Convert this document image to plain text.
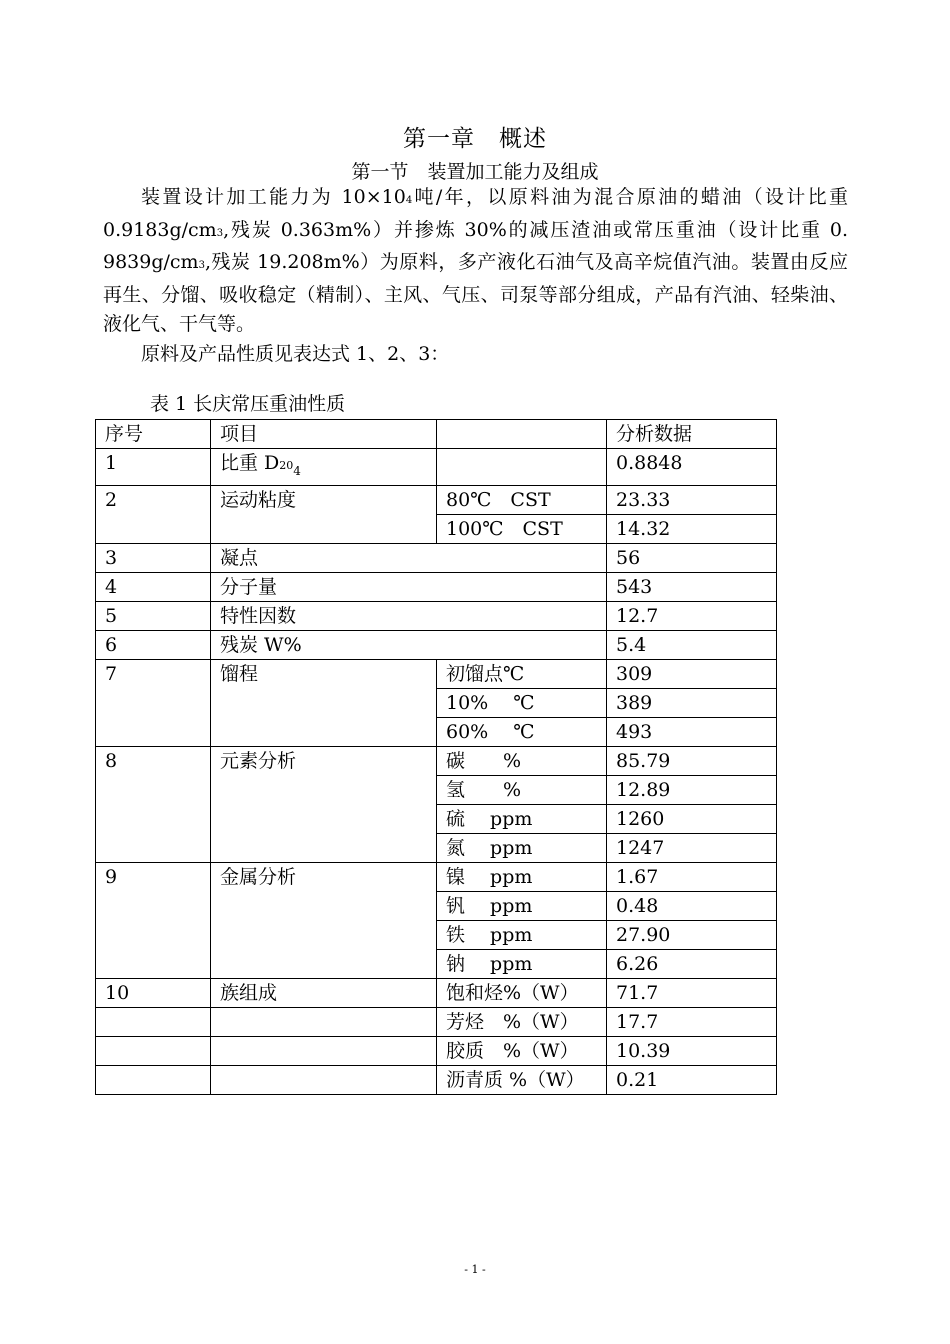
第一章　概述
第一节　装置加工能力及组成

装置设计加工能力为 10×104吨/年，以原料油为混合原油的蜡油（设计比重 0.9183g/cm3,残炭 0.363m%）并掺炼 30%的减压渣油或常压重油（设计比重 0. 9839g/cm3,残炭 19.208m%）为原料，多产液化石油气及高辛烷值汽油。装置由反应再生、分馏、吸收稳定（精制）、主风、气压、司泵等部分组成，产品有汽油、轻柴油、液化气、干气等。

原料及产品性质见表达式 1、2、3：

表 1 长庆常压重油性质
序号	项目		分析数据
1	比重 $D20_4$		0.8848
2	运动粘度	80℃　CST	23.33
		100℃　CST	14.32
3	凝点		56
4	分子量		543
5	特性因数		12.7
6	残炭 W%		5.4
7	馏程	初馏点℃	309
		10%　 ℃	389
		60%　 ℃	493
8	元素分析	碳　　%	85.79
		氢　　%	12.89
		硫　 ppm	1260
		氮　 ppm	1247
9	金属分析	镍　 ppm	1.67
		钒　 ppm	0.48
		铁　 ppm	27.90
		钠　 ppm	6.26
10	族组成	饱和烃%（W）	71.7
		芳烃　%（W）	17.7
		胶质　%（W）	10.39
		沥青质 %（W）	0.21
- 1 -
